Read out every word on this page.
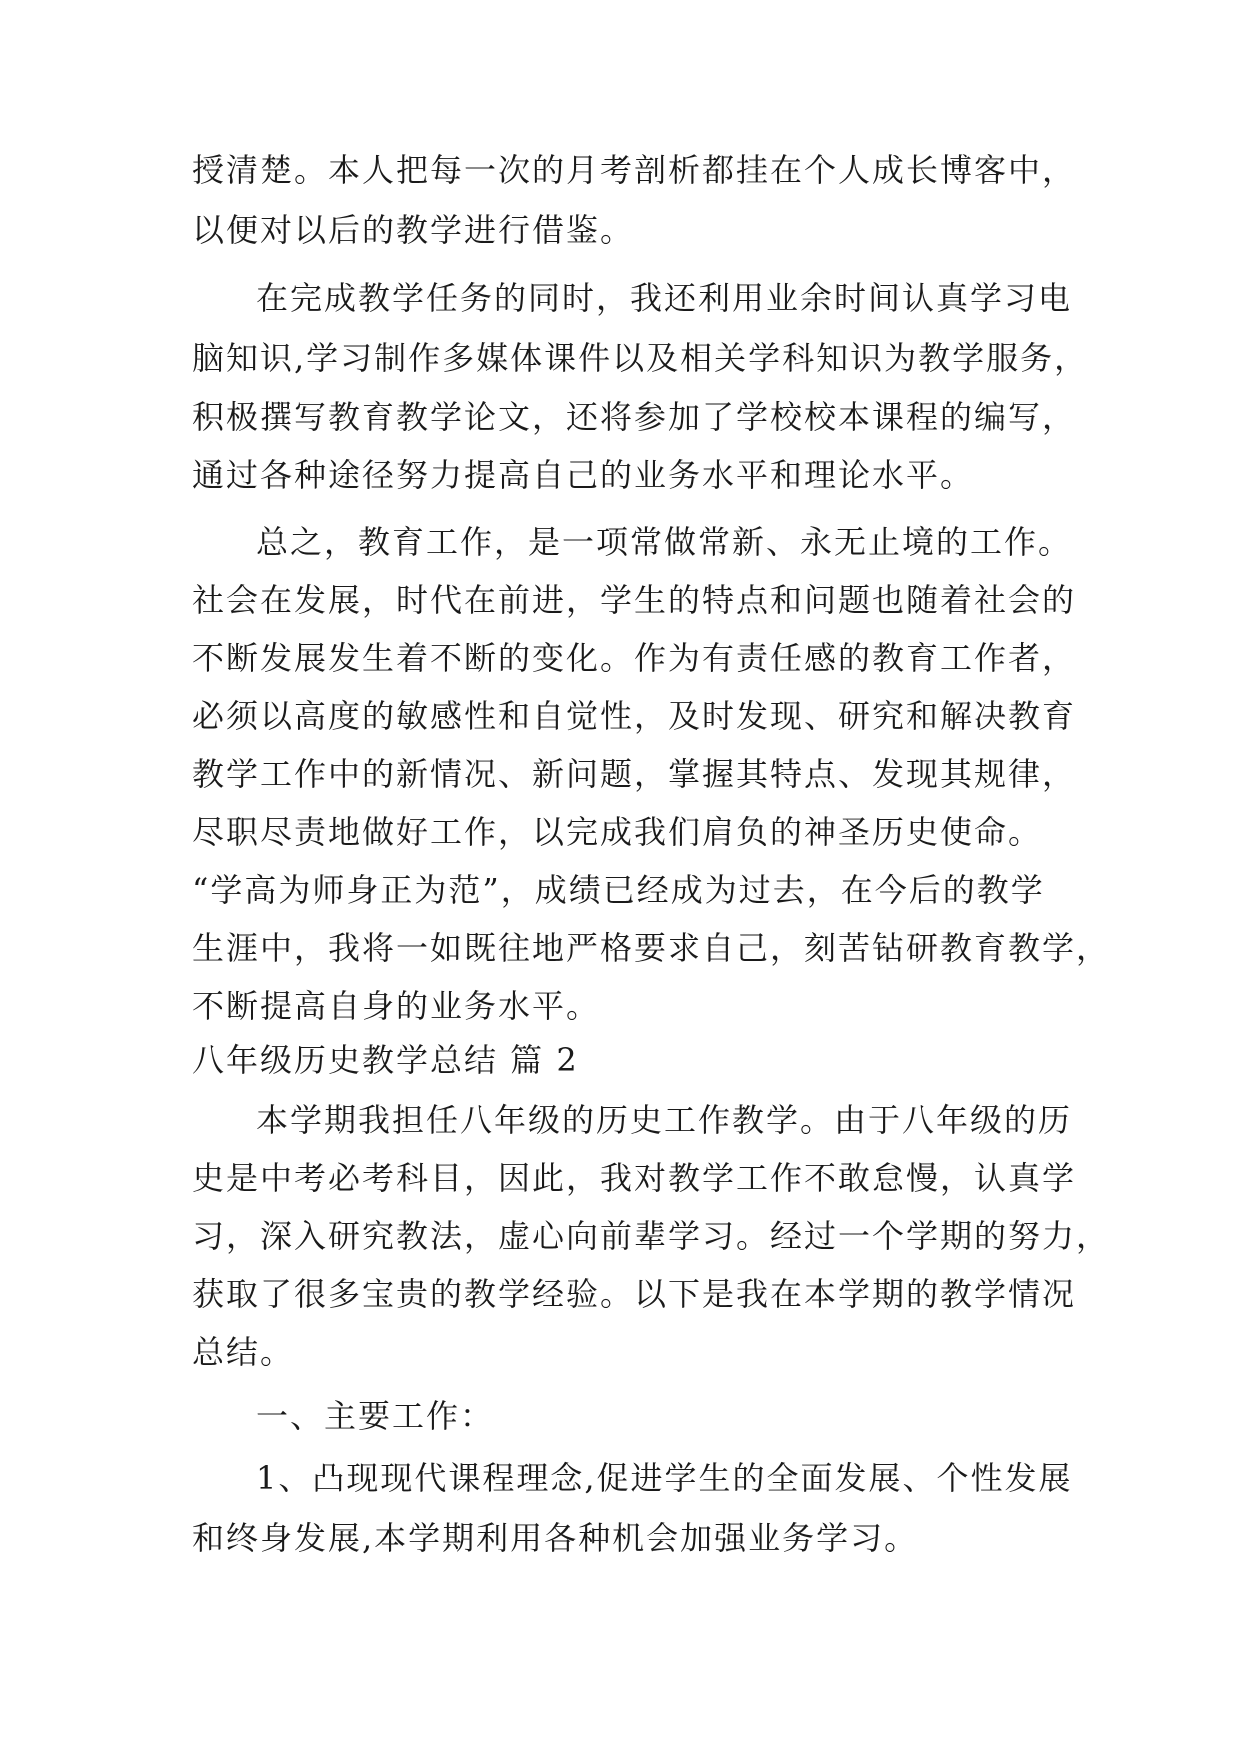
授清楚。本人把每一次的月考剖析都挂在个人成长博客中，
以便对以后的教学进行借鉴。
在完成教学任务的同时，我还利用业余时间认真学习电
脑知识,学习制作多媒体课件以及相关学科知识为教学服务，
积极撰写教育教学论文，还将参加了学校校本课程的编写，
通过各种途径努力提高自己的业务水平和理论水平。
总之，教育工作，是一项常做常新、永无止境的工作。
社会在发展，时代在前进，学生的特点和问题也随着社会的
不断发展发生着不断的变化。作为有责任感的教育工作者，
必须以高度的敏感性和自觉性，及时发现、研究和解决教育
教学工作中的新情况、新问题，掌握其特点、发现其规律，
尽职尽责地做好工作，以完成我们肩负的神圣历史使命。
“学高为师身正为范”，成绩已经成为过去，在今后的教学
生涯中，我将一如既往地严格要求自己，刻苦钻研教育教学，
不断提高自身的业务水平。
八年级历史教学总结 篇 2
本学期我担任八年级的历史工作教学。由于八年级的历
史是中考必考科目，因此，我对教学工作不敢怠慢，认真学
习，深入研究教法，虚心向前辈学习。经过一个学期的努力，
获取了很多宝贵的教学经验。以下是我在本学期的教学情况
总结。
一、主要工作：
1、凸现现代课程理念,促进学生的全面发展、个性发展
和终身发展,本学期利用各种机会加强业务学习。
